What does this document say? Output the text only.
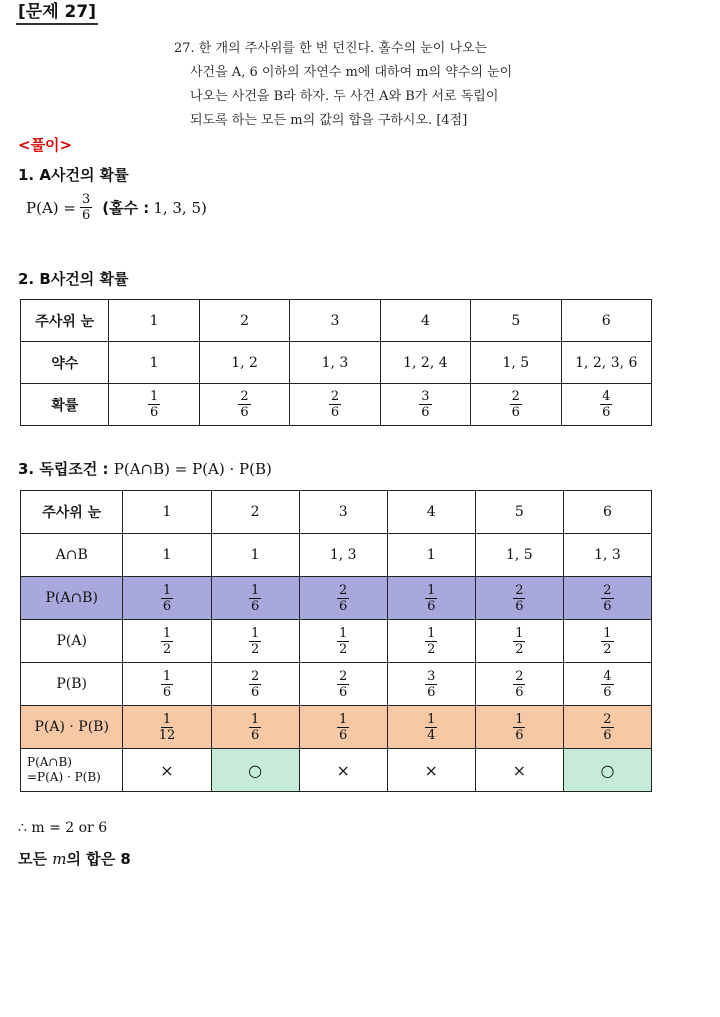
[문제 27]
27. 한 개의 주사위를 한 번 던진다. 홀수의 눈이 나오는
사건을 A, 6 이하의 자연수 m에 대하여 m의 약수의 눈이
나오는 사건을 B라 하자. 두 사건 A와 B가 서로 독립이
되도록 하는 모든 m의 값의 합을 구하시오. [4점]
<풀이>
1. A사건의 확률
$P(A) = \frac{3}{6}$ (홀수 : 1, 3, 5)
2. B사건의 확률
주사위 눈	1	2	3	4	5	6
약수	1	1, 2	1, 3	1, 2, 4	1, 5	1, 2, 3, 6
확률	$\frac{1}{6}$	$\frac{2}{6}$	$\frac{2}{6}$	$\frac{3}{6}$	$\frac{2}{6}$	$\frac{4}{6}$
3. 독립조건 : P(A∩B) = P(A) · P(B)
주사위 눈	1	2	3	4	5	6
A∩B	1	1	1, 3	1	1, 5	1, 3
P(A∩B)	$\frac{1}{6}$	$\frac{1}{6}$	$\frac{2}{6}$	$\frac{1}{6}$	$\frac{2}{6}$	$\frac{2}{6}$

P(A)	$\frac{1}{2}$	$\frac{1}{2}$	$\frac{1}{2}$	$\frac{1}{2}$	$\frac{1}{2}$	$\frac{1}{2}$

P(B)	$\frac{1}{6}$	$\frac{2}{6}$	$\frac{2}{6}$	$\frac{3}{6}$	$\frac{2}{6}$	$\frac{4}{6}$

P(A) · P(B)	$\frac{1}{12}$	$\frac{1}{6}$	$\frac{1}{6}$	$\frac{1}{4}$	$\frac{1}{6}$	$\frac{2}{6}$

P(A∩B)
=P(A) · P(B)	×	○	×	×	×	○
∴ m = 2 or 6
모든 m의 합은 8
